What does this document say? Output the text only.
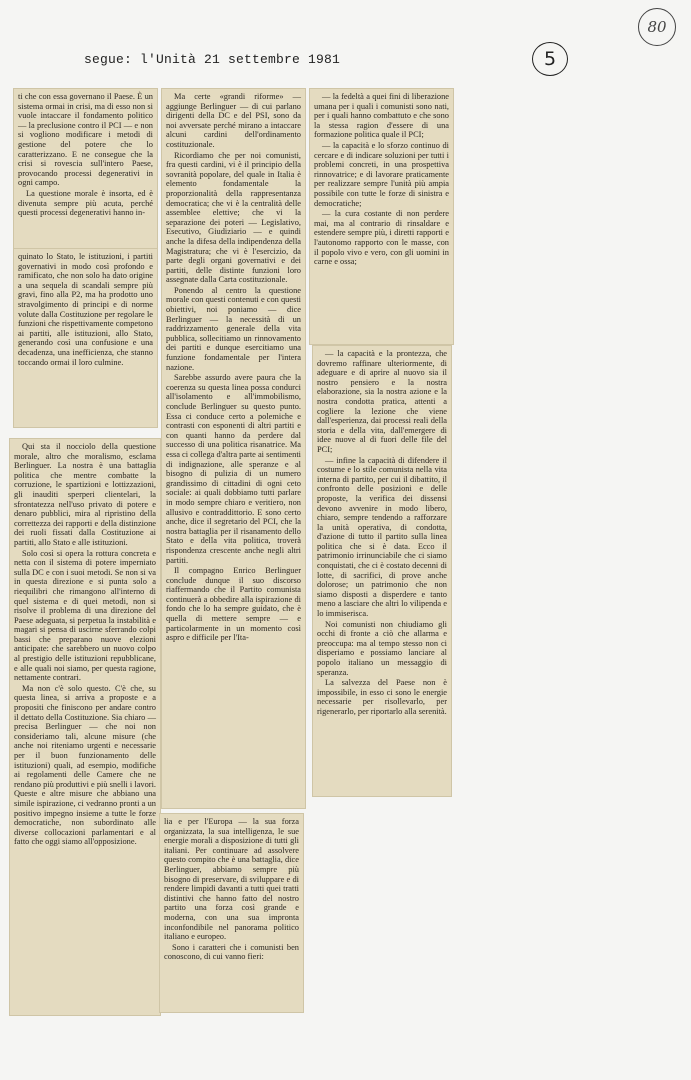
segue: l'Unità 21 settembre 1981	5
80

ti che con essa governano il Paese. È un sistema ormai in crisi, ma di esso non si vuole intaccare il fondamento politico — la preclusione contro il PCI — e non si vogliono modificare i metodi di gestione del potere che lo caratterizzano. E ne consegue che la crisi si rovescia sull'intero Paese, provocando processi degenerativi in ogni campo.

La questione morale è insorta, ed è divenuta sempre più acuta, perché questi processi degenerativi hanno in-

quinato lo Stato, le istituzioni, i partiti governativi in modo così profondo e ramificato, che non solo ha dato origine a una sequela di scandali sempre più gravi, fino alla P2, ma ha prodotto uno stravolgimento di principi e di norme volute dalla Costituzione per regolare le funzioni che rispettivamente competono ai partiti, alle istituzioni, allo Stato, generando così una confusione e una decadenza, una inefficienza, che stanno toccando ormai il loro culmine.

Qui sta il nocciolo della questione morale, altro che moralismo, esclama Berlinguer. La nostra è una battaglia politica che mentre combatte la corruzione, le spartizioni e lottizzazioni, gli inauditi sperperi clientelari, la sfrontatezza nell'uso privato di potere e denaro pubblici, mira al ripristino della correttezza dei rapporti e della distinzione dei ruoli fissati dalla Costituzione ai partiti, allo Stato e alle istituzioni.

Solo così si opera la rottura concreta e netta con il sistema di potere imperniato sulla DC e con i suoi metodi. Se non si va in questa direzione e si punta solo a riequilibri che rimangono all'interno di quel sistema e di quei metodi, non si risolve il problema di una direzione del Paese adeguata, si perpetua la instabilità e magari si pensa di uscirne sferrando colpi bassi che preparano nuove elezioni anticipate: che sarebbero un nuovo colpo al prestigio delle istituzioni repubblicane, e alle quali noi siamo, per questa ragione, nettamente contrari.

Ma non c'è solo questo. C'è che, su questa linea, si arriva a proposte e a propositi che finiscono per andare contro il dettato della Costituzione. Sia chiaro — precisa Berlinguer — che noi non consideriamo tali, alcune misure (che anche noi riteniamo urgenti e necessarie per il buon funzionamento delle istituzioni) quali, ad esempio, modifiche ai regolamenti delle Camere che ne rendano più produttivi e più snelli i lavori. Queste e altre misure che abbiano una simile ispirazione, ci vedranno pronti a un positivo impegno insieme a tutte le forze democratiche, non subordinato alle diverse collocazioni parlamentari e al fatto che oggi siamo all'opposizione.

Ma certe «grandi riforme» — aggiunge Berlinguer — di cui parlano dirigenti della DC e del PSI, sono da noi avversate perché mirano a intaccare alcuni cardini dell'ordinamento costituzionale.

Ricordiamo che per noi comunisti, fra questi cardini, vi è il principio della sovranità popolare, del quale in Italia è elemento fondamentale la proporzionalità della rappresentanza democratica; che vi è la centralità delle assemblee elettive; che vi la separazione dei poteri — Legislativo, Esecutivo, Giudiziario — e quindi anche la difesa della indipendenza della Magistratura; che vi è l'esercizio, da parte degli organi governativi e dei partiti, delle distinte funzioni loro assegnate dalla Carta costituzionale.

Ponendo al centro la questione morale con questi contenuti e con questi obiettivi, noi poniamo — dice Berlinguer — la necessità di un raddrizzamento generale della vita pubblica, sollecitiamo un rinnovamento dei partiti e dunque esercitiamo una funzione fondamentale per l'intera nazione.

Sarebbe assurdo avere paura che la coerenza su questa linea possa condurci all'isolamento e all'immobilismo, conclude Berlinguer su questo punto. Essa ci conduce certo a polemiche e contrasti con esponenti di altri partiti e con quanti hanno da perdere dal successo di una politica risanatrice. Ma essa ci collega d'altra parte ai sentimenti di indignazione, alle speranze e al bisogno di pulizia di un numero grandissimo di cittadini di ogni ceto sociale: ai quali dobbiamo tutti parlare in modo sempre chiaro e veritiero, non allusivo e contraddittorio. E sono certo anche, dice il segretario del PCI, che la nostra battaglia per il risanamento dello Stato e della vita politica, troverà rispondenza crescente anche negli altri partiti.

Il compagno Enrico Berlinguer conclude dunque il suo discorso riaffermando che il Partito comunista continuerà a obbedire alla ispirazione di fondo che lo ha sempre guidato, che è quella di mettere sempre — e particolarmente in un momento così aspro e difficile per l'Ita-

lia e per l'Europa — la sua forza organizzata, la sua intelligenza, le sue energie morali a disposizione di tutti gli italiani. Per continuare ad assolvere questo compito che è una battaglia, dice Berlinguer, abbiamo sempre più bisogno di preservare, di sviluppare e di rendere limpidi davanti a tutti quei tratti distintivi che hanno fatto del nostro partito una forza così grande e moderna, con una sua impronta inconfondibile nel panorama politico italiano e europeo.

Sono i caratteri che i comunisti ben conoscono, di cui vanno fieri:

— la fedeltà a quei fini di liberazione umana per i quali i comunisti sono nati, per i quali hanno combattuto e che sono la stessa ragion d'essere di una formazione politica quale il PCI;

— la capacità e lo sforzo continuo di cercare e di indicare soluzioni per tutti i problemi concreti, in una prospettiva rinnovatrice; e di lavorare praticamente per realizzare sempre l'unità più ampia possibile con tutte le forze di sinistra e democratiche;

— la cura costante di non perdere mai, ma al contrario di rinsaldare e estendere sempre più, i diretti rapporti e l'autonomo rapporto con le masse, con il popolo vivo e vero, con gli uomini in carne e ossa;

— la capacità e la prontezza, che dovremo raffinare ulteriormente, di adeguare e di aprire al nuovo sia il nostro pensiero e la nostra elaborazione, sia la nostra azione e la nostra condotta pratica, attenti a cogliere la lezione che viene dall'esperienza, dai processi reali della storia e della vita, dall'emergere di idee nuove al di fuori delle file del PCI;

— infine la capacità di difendere il costume e lo stile comunista nella vita interna di partito, per cui il dibattito, il confronto delle posizioni e delle proposte, la verifica dei dissensi devono avvenire in modo libero, chiaro, sempre tendendo a rafforzare la unità operativa, di condotta, d'azione di tutto il partito sulla linea politica che si è data. Ecco il patrimonio irrinunciabile che ci siamo conquistati, che ci è costato decenni di lotte, di sacrifici, di prove anche dolorose; un patrimonio che non siamo disposti a disperdere e tanto meno a lasciare che altri lo vilipenda e lo immiserisca.

Noi comunisti non chiudiamo gli occhi di fronte a ciò che allarma e preoccupa: ma al tempo stesso non ci disperiamo e possiamo lanciare al popolo italiano un messaggio di speranza.

La salvezza del Paese non è impossibile, in esso ci sono le energie necessarie per risollevarlo, per rigenerarlo, per riportarlo alla serenità.
